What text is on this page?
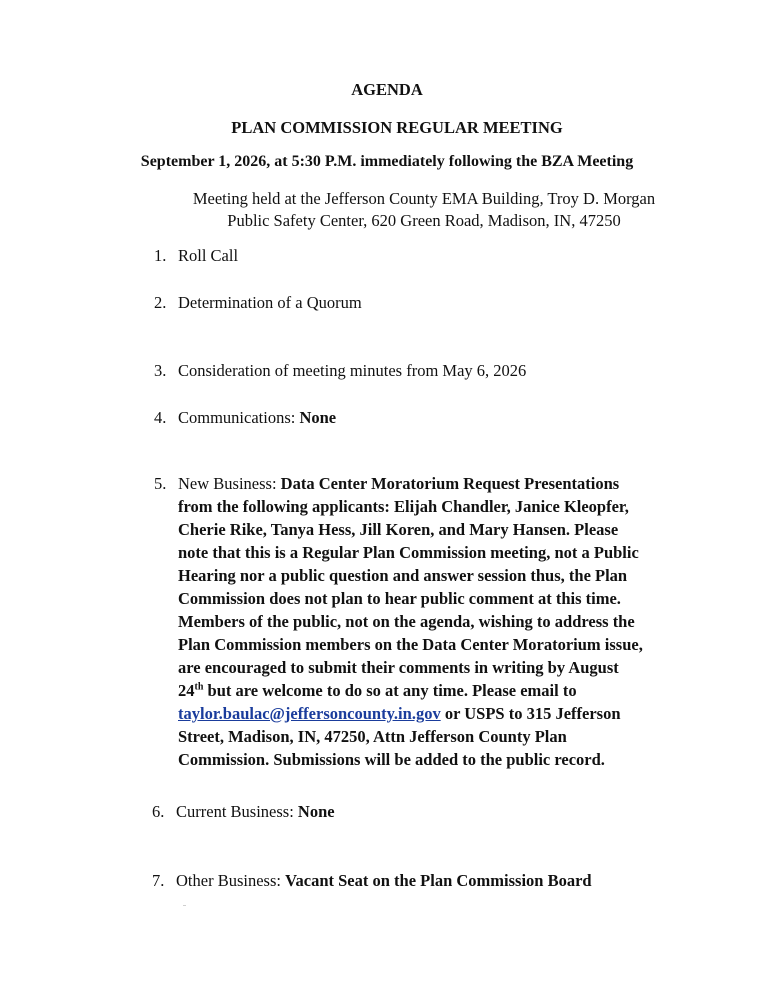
AGENDA
PLAN COMMISSION REGULAR MEETING
September 1, 2026, at 5:30 P.M. immediately following the BZA Meeting
Meeting held at the Jefferson County EMA Building, Troy D. Morgan
Public Safety Center, 620 Green Road, Madison, IN, 47250
1. Roll Call
2. Determination of a Quorum
3. Consideration of meeting minutes from May 6, 2026
4. Communications: None
5. New Business: Data Center Moratorium Request Presentations
from the following applicants: Elijah Chandler, Janice Kleopfer,
Cherie Rike, Tanya Hess, Jill Koren, and Mary Hansen. Please
note that this is a Regular Plan Commission meeting, not a Public
Hearing nor a public question and answer session thus, the Plan
Commission does not plan to hear public comment at this time.
Members of the public, not on the agenda, wishing to address the
Plan Commission members on the Data Center Moratorium issue,
are encouraged to submit their comments in writing by August
24th but are welcome to do so at any time. Please email to
taylor.baulac@jeffersoncounty.in.gov or USPS to 315 Jefferson
Street, Madison, IN, 47250, Attn Jefferson County Plan
Commission. Submissions will be added to the public record.
6. Current Business: None
7. Other Business: Vacant Seat on the Plan Commission Board
